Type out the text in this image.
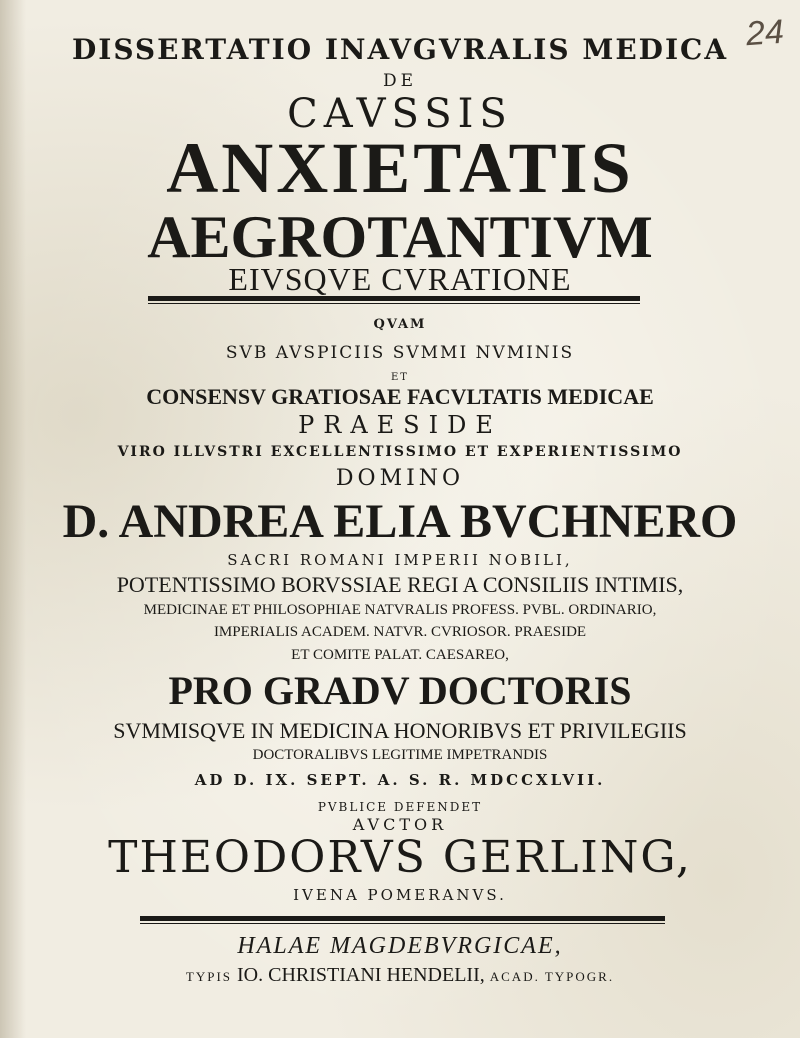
24
DISSERTATIO INAVGVRALIS MEDICA
DE
CAVSSIS
ANXIETATIS
AEGROTANTIVM
EIVSQVE CVRATIONE
QVAM
SVB AVSPICIIS SVMMI NVMINIS
ET
CONSENSV GRATIOSAE FACVLTATIS MEDICAE
PRAESIDE
VIRO ILLVSTRI EXCELLENTISSIMO ET EXPERIENTISSIMO
DOMINO
D. ANDREA ELIA BVCHNERO
SACRI ROMANI IMPERII NOBILI,
POTENTISSIMO BORVSSIAE REGI A CONSILIIS INTIMIS,
MEDICINAE ET PHILOSOPHIAE NATVRALIS PROFESS. PVBL. ORDINARIO,
IMPERIALIS ACADEM. NATVR. CVRIOSOR. PRAESIDE
ET COMITE PALAT. CAESAREO,
PRO GRADV DOCTORIS
SVMMISQVE IN MEDICINA HONORIBVS ET PRIVILEGIIS
DOCTORALIBVS LEGITIME IMPETRANDIS
AD D. IX. SEPT. A. S. R. MDCCXLVII.
PVBLICE DEFENDET
AVCTOR
THEODORVS GERLING,
IVENA POMERANVS.
HALAE MAGDEBVRGICAE,
TYPIS IO. CHRISTIANI HENDELII, ACAD. TYPOGR.
